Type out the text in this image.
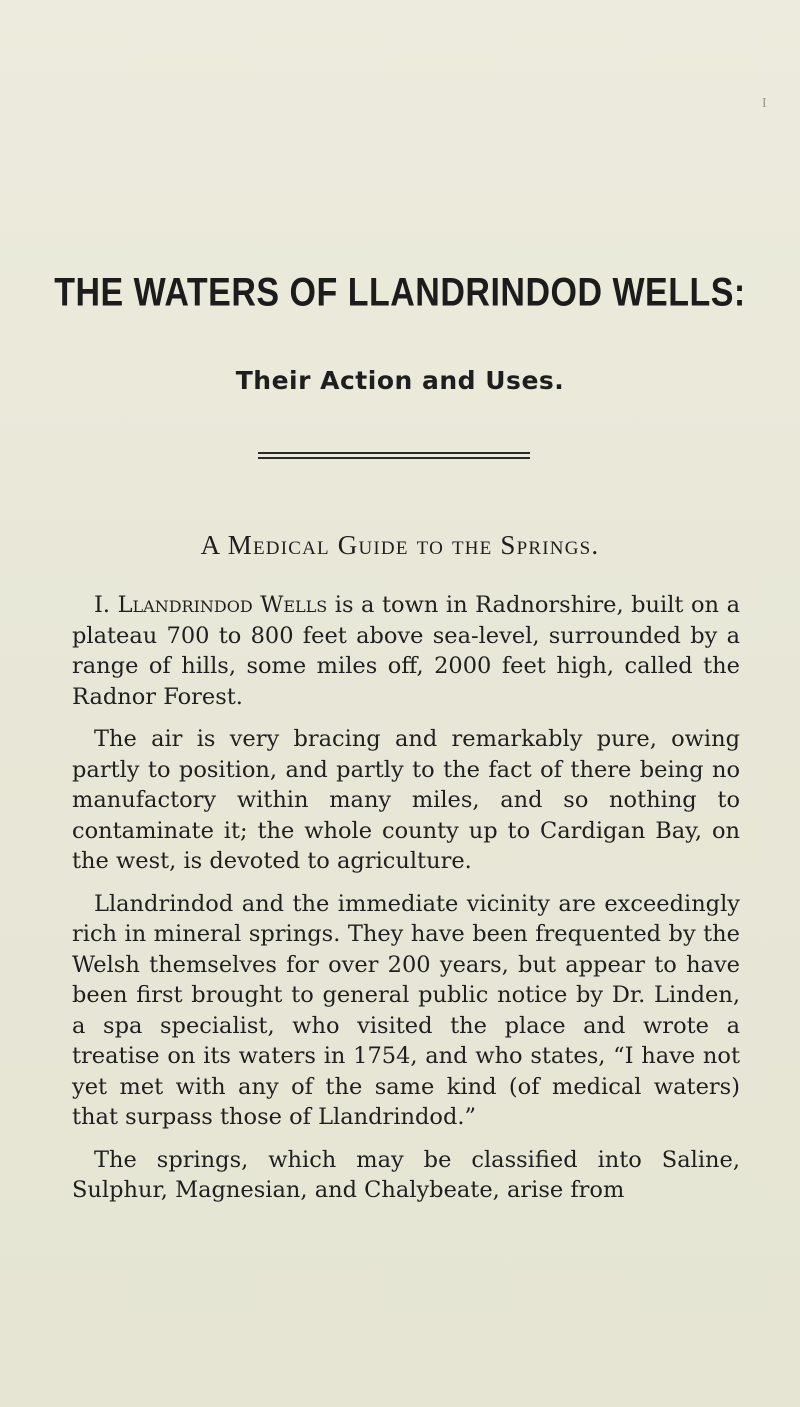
I
THE WATERS OF LLANDRINDOD WELLS:
Their Action and Uses.
A Medical Guide to the Springs.

I. Llandrindod Wells is a town in Radnorshire, built on a plateau 700 to 800 feet above sea-level, surrounded by a range of hills, some miles off, 2000 feet high, called the Radnor Forest.

The air is very bracing and remarkably pure, owing partly to position, and partly to the fact of there being no manufactory within many miles, and so nothing to contaminate it; the whole county up to Cardigan Bay, on the west, is devoted to agriculture.

Llandrindod and the immediate vicinity are exceedingly rich in mineral springs. They have been frequented by the Welsh themselves for over 200 years, but appear to have been first brought to general public notice by Dr. Linden, a spa specialist, who visited the place and wrote a treatise on its waters in 1754, and who states, “I have not yet met with any of the same kind (of medical waters) that surpass those of Llandrindod.”

The springs, which may be classified into Saline, Sulphur, Magnesian, and Chalybeate, arise from
